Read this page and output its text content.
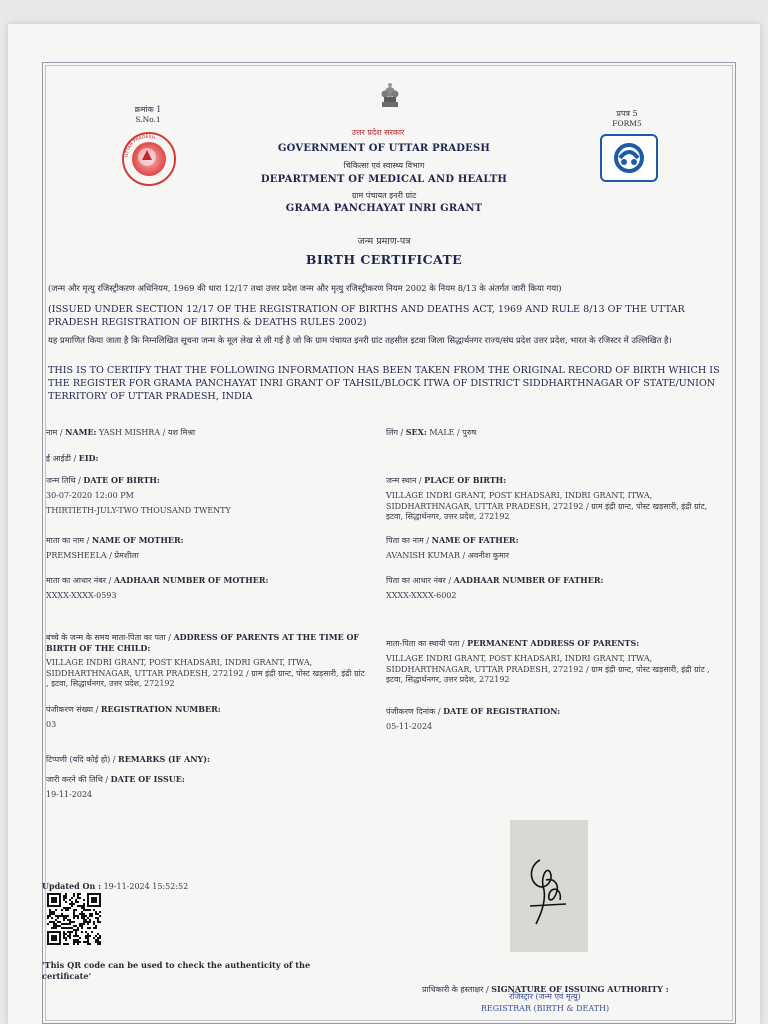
क्रमांक 1
S.No.1
UTTAR PRADESH
प्रपत्र 5
FORM5
उत्तर प्रदेश सरकार
GOVERNMENT OF UTTAR PRADESH
चिकित्सा एवं स्वास्थ्य विभाग
DEPARTMENT OF MEDICAL AND HEALTH
ग्राम पंचायत इनरी ग्रांट
GRAMA PANCHAYAT INRI GRANT
जन्म प्रमाण-पत्र
BIRTH CERTIFICATE
(जन्म और मृत्यु रजिस्ट्रीकरण अधिनियम, 1969 की धारा 12/17 तथा उत्तर प्रदेश जन्म और मृत्यु रजिस्ट्रीकरण नियम 2002 के नियम 8/13 के अंतर्गत जारी किया गया)
(ISSUED UNDER SECTION 12/17 OF THE REGISTRATION OF BIRTHS AND DEATHS ACT, 1969 AND RULE 8/13 OF THE UTTAR PRADESH REGISTRATION OF BIRTHS & DEATHS RULES 2002)
यह प्रमाणित किया जाता है कि निम्नलिखित सूचना जन्म के मूल लेख से ली गई है जो कि ग्राम पंचायत इनरी ग्रांट तहसील इटवा जिला सिद्धार्थनगर राज्य/संघ प्रदेश उत्तर प्रदेश, भारत के रजिस्टर में उल्लिखित है।
THIS IS TO CERTIFY THAT THE FOLLOWING INFORMATION HAS BEEN TAKEN FROM THE ORIGINAL RECORD OF BIRTH WHICH IS THE REGISTER FOR GRAMA PANCHAYAT INRI GRANT OF TAHSIL/BLOCK ITWA OF DISTRICT SIDDHARTHNAGAR OF STATE/UNION TERRITORY OF UTTAR PRADESH, INDIA
नाम / NAME: YASH MISHRA / यश मिश्रा
ई आईडी / EID:
जन्म तिथि / DATE OF BIRTH:
30-07-2020 12:00 PM
THIRTIETH-JULY-TWO THOUSAND TWENTY
माता का नाम / NAME OF MOTHER:
PREMSHEELA / प्रेमशीला
माता का आधार नंबर / AADHAAR NUMBER OF MOTHER:
XXXX-XXXX-0593
बच्चे के जन्म के समय माता-पिता का पता / ADDRESS OF PARENTS AT THE TIME OF BIRTH OF THE CHILD:
VILLAGE INDRI GRANT, POST KHADSARI, INDRI GRANT, ITWA, SIDDHARTHNAGAR, UTTAR PRADESH, 272192 / ग्राम इंद्री ग्रान्ट, पोस्ट खड़सारी, इंद्री ग्रांट , इटवा, सिद्धार्थनगर, उत्तर प्रदेश, 272192
पंजीकरण संख्या / REGISTRATION NUMBER:
03
टिप्पणी (यदि कोई हो) / REMARKS (IF ANY):
जारी करने की तिथि / DATE OF ISSUE:
19-11-2024
लिंग / SEX: MALE / पुरुष
जन्म स्थान / PLACE OF BIRTH:
VILLAGE INDRI GRANT, POST KHADSARI, INDRI GRANT, ITWA, SIDDHARTHNAGAR, UTTAR PRADESH, 272192 / ग्राम इंद्री ग्रान्ट, पोस्ट खड़सारी, इंद्री ग्रांट, इटवा, सिद्धार्थनगर, उत्तर प्रदेश, 272192
पिता का नाम / NAME OF FATHER:
AVANISH KUMAR / अवनीश कुमार
पिता का आधार नंबर / AADHAAR NUMBER OF FATHER:
XXXX-XXXX-6002
माता-पिता का स्थायी पता / PERMANENT ADDRESS OF PARENTS:
VILLAGE INDRI GRANT, POST KHADSARI, INDRI GRANT, ITWA, SIDDHARTHNAGAR, UTTAR PRADESH, 272192 / ग्राम इंद्री ग्रान्ट, पोस्ट खड़सारी, इंद्री ग्रांट , इटवा, सिद्धार्थनगर, उत्तर प्रदेश, 272192
पंजीकरण दिनांक / DATE OF REGISTRATION:
05-11-2024
प्राधिकारी के हस्ताक्षर / SIGNATURE OF ISSUING AUTHORITY :
रजिस्ट्रार (जन्म एवं मृत्यु)
REGISTRAR (BIRTH & DEATH)
Updated On : 19-11-2024 15:52:52
'This QR code can be used to check the authenticity of the certificate'
